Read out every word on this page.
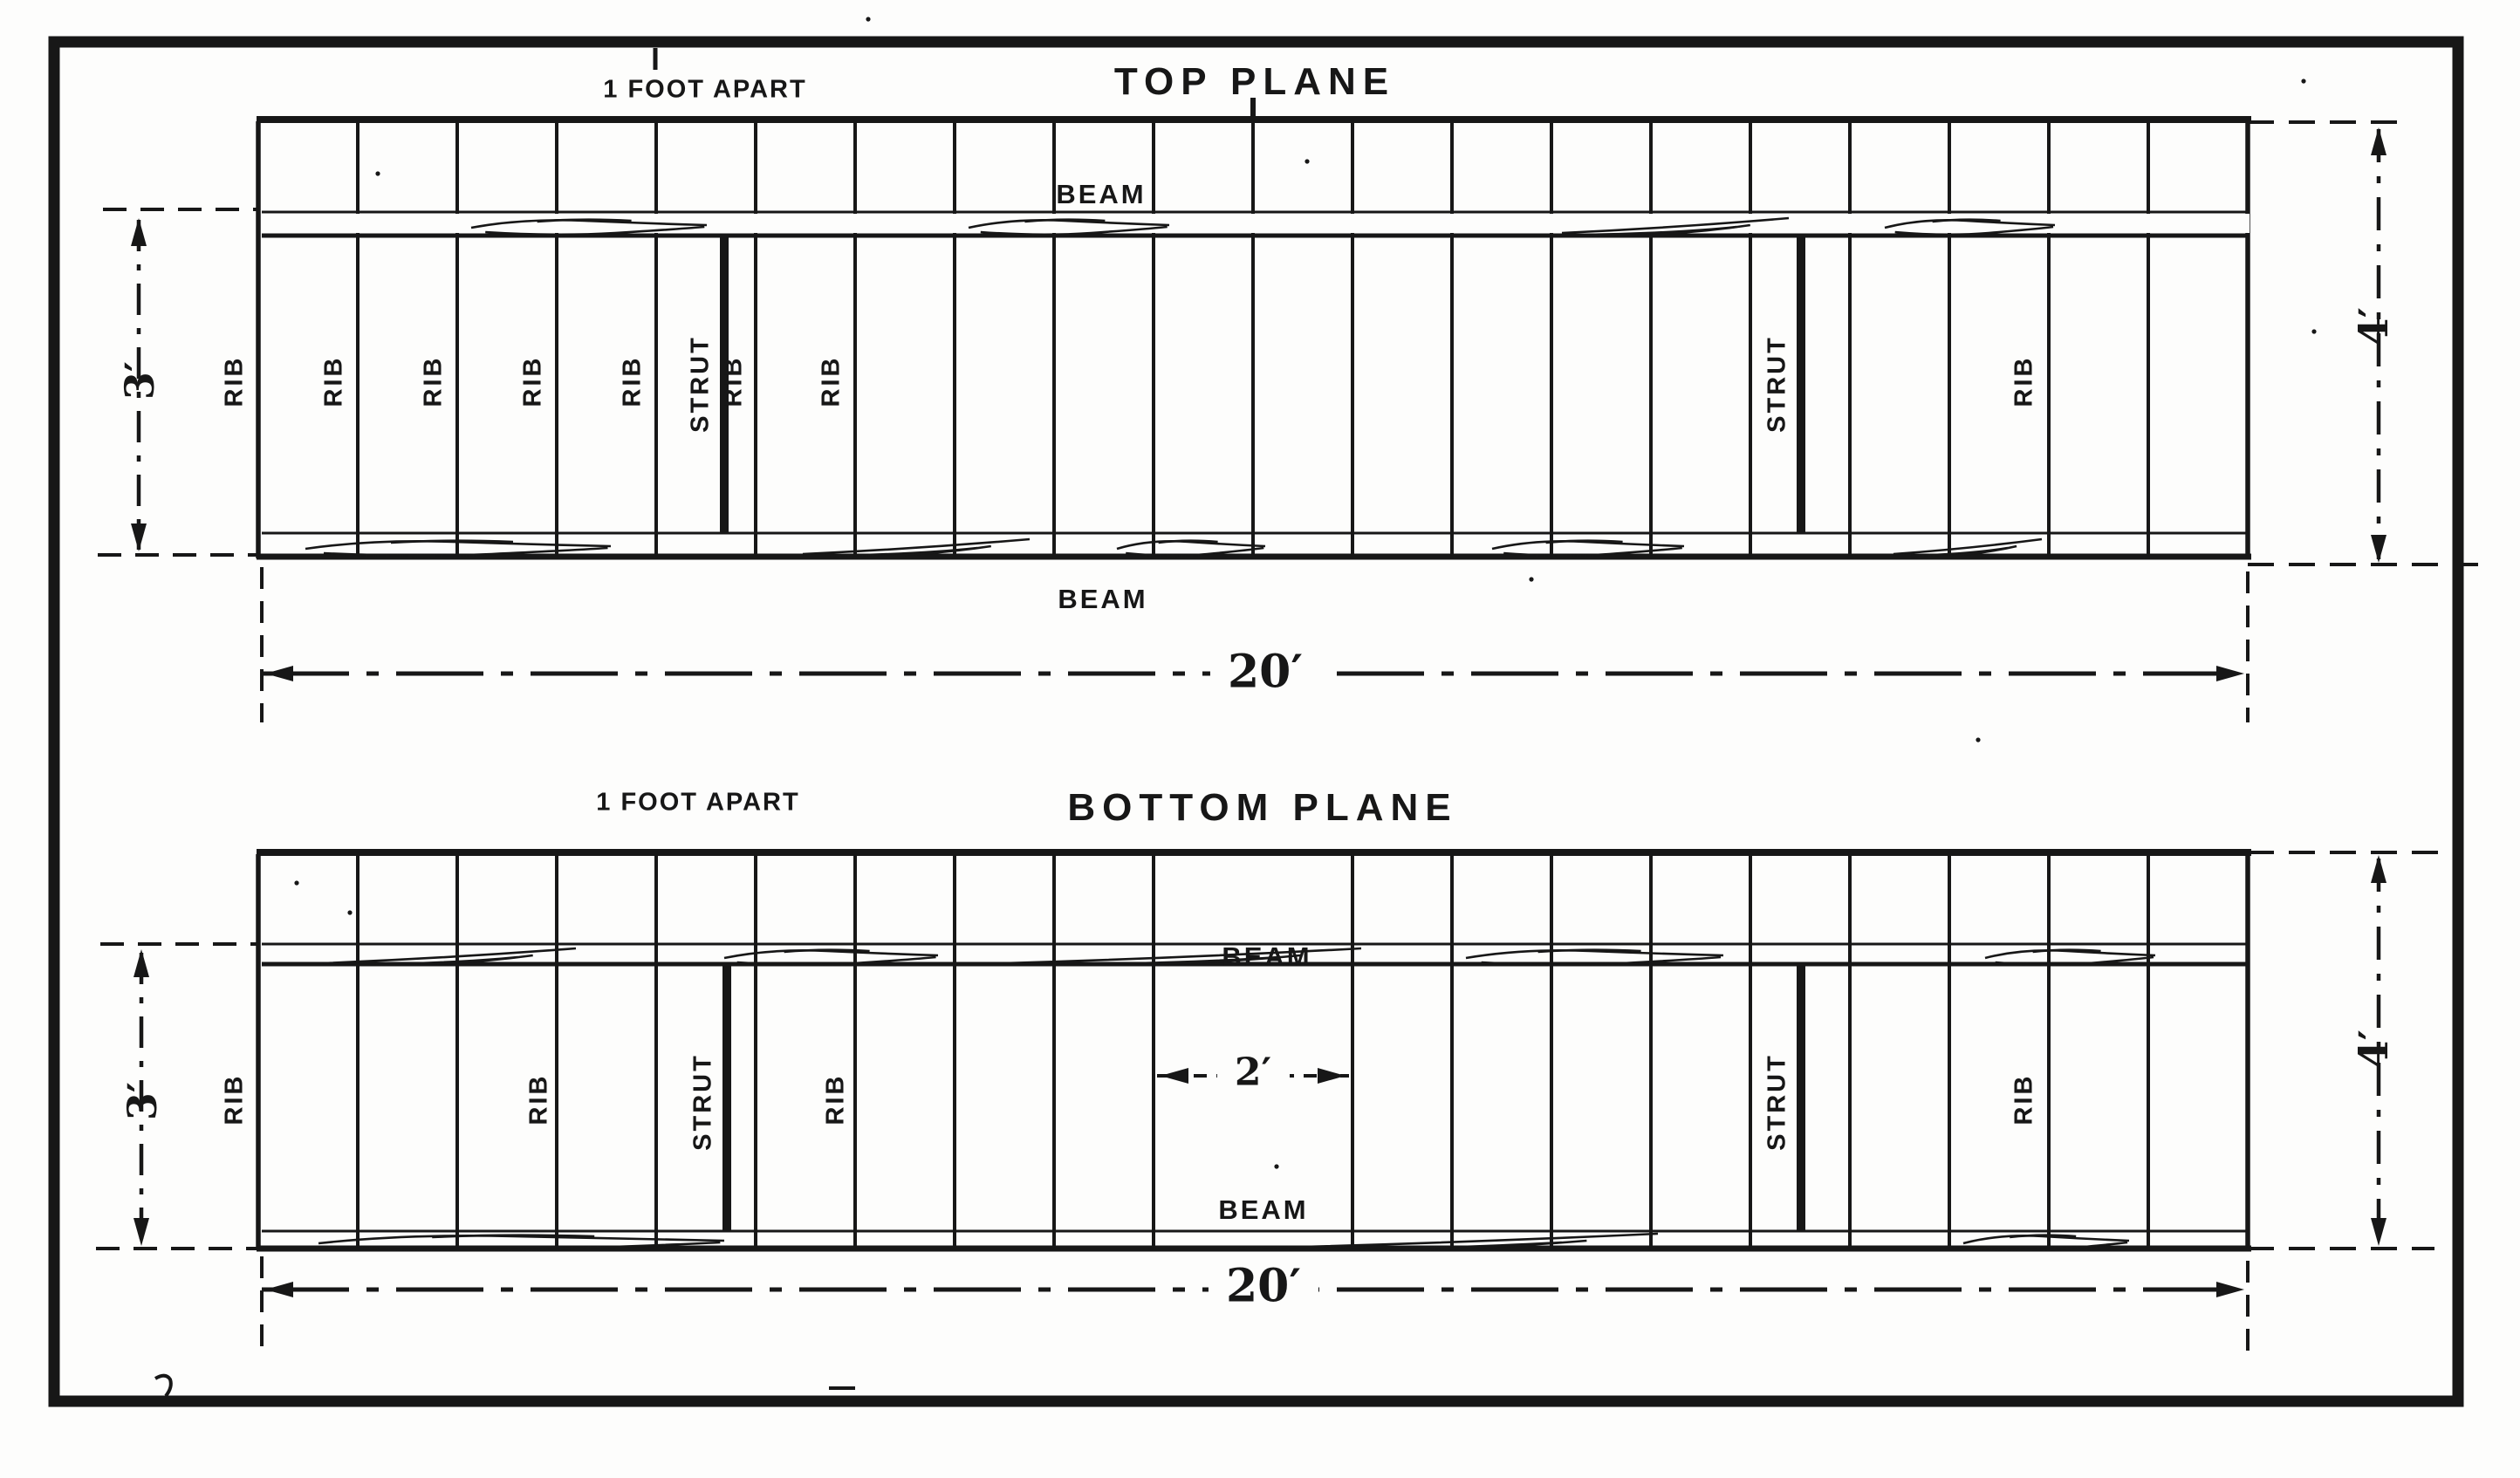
TOP PLANE
1 FOOT APART
BEAM
BEAM
RIB	RIB	RIB	RIB	RIB STRUT RIB	RIB	STRUT	RIB
3′
4′
20′
BOTTOM PLANE
1 FOOT APART
BEAM
BEAM
RIB	RIB	STRUT	RIB	STRUT	RIB
3′
4′
2′
20′
